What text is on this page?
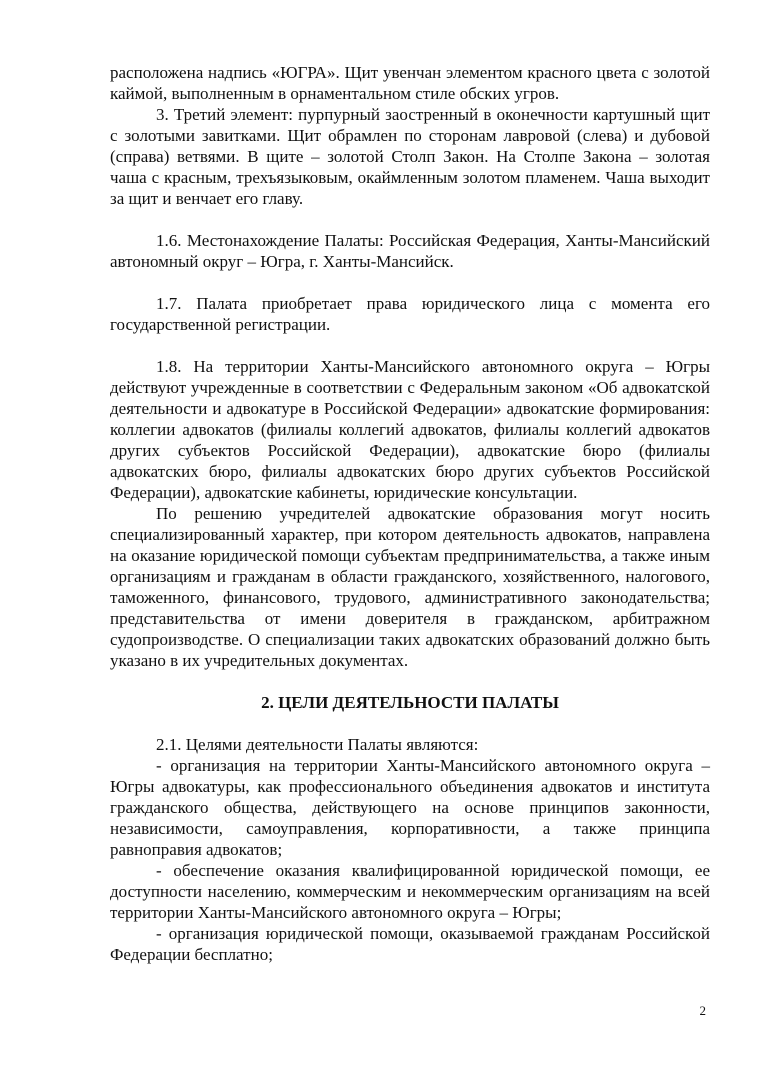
расположена надпись «ЮГРА». Щит увенчан элементом красного цвета с золотой каймой, выполненным в орнаментальном стиле обских угров.

3. Третий элемент: пурпурный заостренный в оконечности картушный щит с золотыми завитками. Щит обрамлен по сторонам лавровой (слева) и дубовой (справа) ветвями. В щите – золотой Столп Закон. На Столпе Закона – золотая чаша с красным, трехъязыковым, окаймленным золотом пламенем. Чаша выходит за щит и венчает его главу.

1.6. Местонахождение Палаты: Российская Федерация, Ханты-Мансийский автономный округ – Югра, г. Ханты-Мансийск.

1.7. Палата приобретает права юридического лица с момента его государственной регистрации.

1.8. На территории Ханты-Мансийского автономного округа – Югры действуют учрежденные в соответствии с Федеральным законом «Об адвокатской деятельности и адвокатуре в Российской Федерации» адвокатские формирования: коллегии адвокатов (филиалы коллегий адвокатов, филиалы коллегий адвокатов других субъектов Российской Федерации), адвокатские бюро (филиалы адвокатских бюро, филиалы адвокатских бюро других субъектов Российской Федерации), адвокатские кабинеты, юридические консультации.

По решению учредителей адвокатские образования могут носить специализированный характер, при котором деятельность адвокатов, направлена на оказание юридической помощи субъектам предпринимательства, а также иным организациям и гражданам в области гражданского, хозяйственного, налогового, таможенного, финансового, трудового, административного законодательства; представительства от имени доверителя в гражданском, арбитражном судопроизводстве. О специализации таких адвокатских образований должно быть указано в их учредительных документах.

2. ЦЕЛИ ДЕЯТЕЛЬНОСТИ ПАЛАТЫ

2.1. Целями деятельности Палаты являются:

- организация на территории Ханты-Мансийского автономного округа – Югры адвокатуры, как профессионального объединения адвокатов и института гражданского общества, действующего на основе принципов законности, независимости, самоуправления, корпоративности, а также принципа равноправия адвокатов;

- обеспечение оказания квалифицированной юридической помощи, ее доступности населению, коммерческим и некоммерческим организациям на всей территории Ханты-Мансийского автономного округа – Югры;

- организация юридической помощи, оказываемой гражданам Российской Федерации бесплатно;

2
